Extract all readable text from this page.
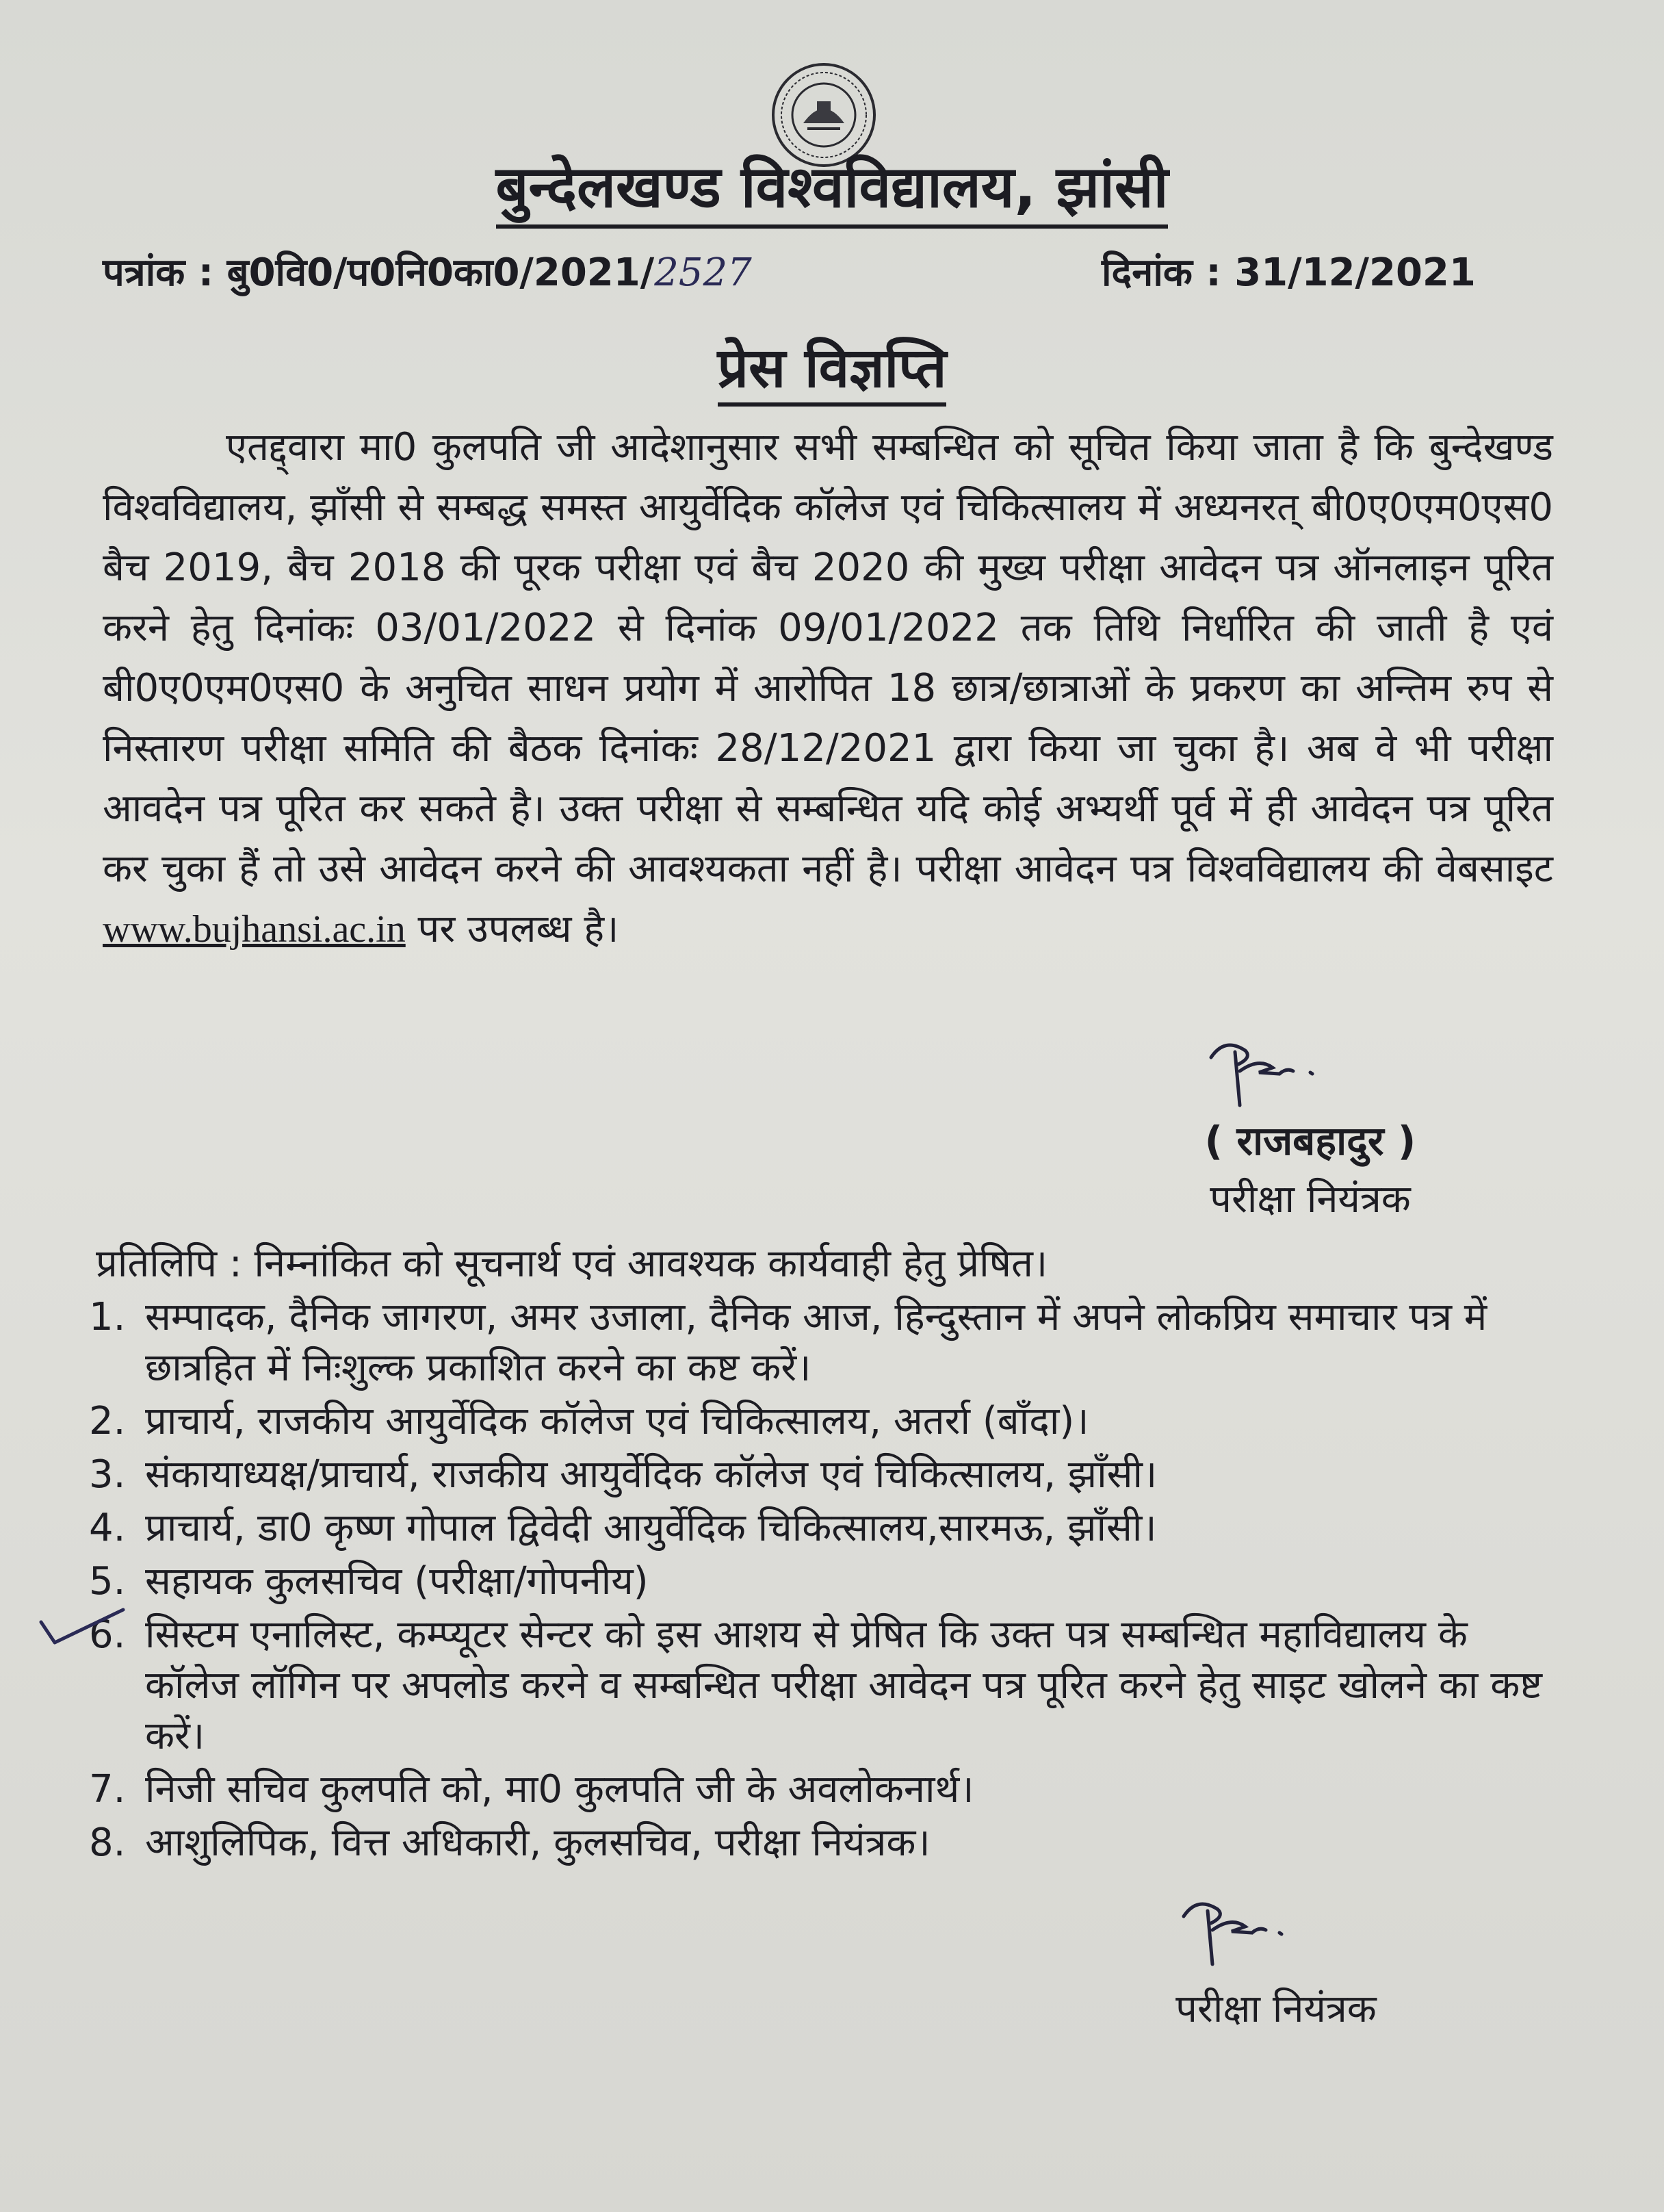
बुन्देलखण्ड विश्वविद्यालय, झांसी
पत्रांक : बु0वि0/प0नि0का0/2021/2527	दिनांक : 31/12/2021
प्रेस विज्ञप्ति
एतद्द्वारा मा0 कुलपति जी आदेशानुसार सभी सम्बन्धित को सूचित किया जाता है कि बुन्देखण्ड विश्वविद्यालय, झाँसी से सम्बद्ध समस्त आयुर्वेदिक कॉलेज एवं चिकित्सालय में अध्यनरत् बी0ए0एम0एस0 बैच 2019, बैच 2018 की पूरक परीक्षा एवं बैच 2020 की मुख्य परीक्षा आवेदन पत्र ऑनलाइन पूरित करने हेतु दिनांकः 03/01/2022 से दिनांक 09/01/2022 तक तिथि निर्धारित की जाती है एवं बी0ए0एम0एस0 के अनुचित साधन प्रयोग में आरोपित 18 छात्र/छात्राओं के प्रकरण का अन्तिम रुप से निस्तारण परीक्षा समिति की बैठक दिनांकः 28/12/2021 द्वारा किया जा चुका है। अब वे भी परीक्षा आवदेन पत्र पूरित कर सकते है। उक्त परीक्षा से सम्बन्धित यदि कोई अभ्यर्थी पूर्व में ही आवेदन पत्र पूरित कर चुका हैं तो उसे आवेदन करने की आवश्यकता नहीं है। परीक्षा आवेदन पत्र विश्वविद्यालय की वेबसाइट www.bujhansi.ac.in पर उपलब्ध है।
( राजबहादुर )
परीक्षा नियंत्रक
प्रतिलिपि : निम्नांकित को सूचनार्थ एवं आवश्यक कार्यवाही हेतु प्रेषित।
1. सम्पादक, दैनिक जागरण, अमर उजाला, दैनिक आज, हिन्दुस्तान में अपने लोकप्रिय समाचार पत्र में छात्रहित में निःशुल्क प्रकाशित करने का कष्ट करें।
2. प्राचार्य, राजकीय आयुर्वेदिक कॉलेज एवं चिकित्सालय, अतर्रा (बाँदा)।
3. संकायाध्यक्ष/प्राचार्य, राजकीय आयुर्वेदिक कॉलेज एवं चिकित्सालय, झाँसी।
4. प्राचार्य, डा0 कृष्ण गोपाल द्विवेदी आयुर्वेदिक चिकित्सालय,सारमऊ, झाँसी।
5. सहायक कुलसचिव (परीक्षा/गोपनीय)
6. सिस्टम एनालिस्ट, कम्प्यूटर सेन्टर को इस आशय से प्रेषित कि उक्त पत्र सम्बन्धित महाविद्यालय के कॉलेज लॉगिन पर अपलोड करने व सम्बन्धित परीक्षा आवेदन पत्र पूरित करने हेतु साइट खोलने का कष्ट करें।
7. निजी सचिव कुलपति को, मा0 कुलपति जी के अवलोकनार्थ।
8. आशुलिपिक, वित्त अधिकारी, कुलसचिव, परीक्षा नियंत्रक।
परीक्षा नियंत्रक
